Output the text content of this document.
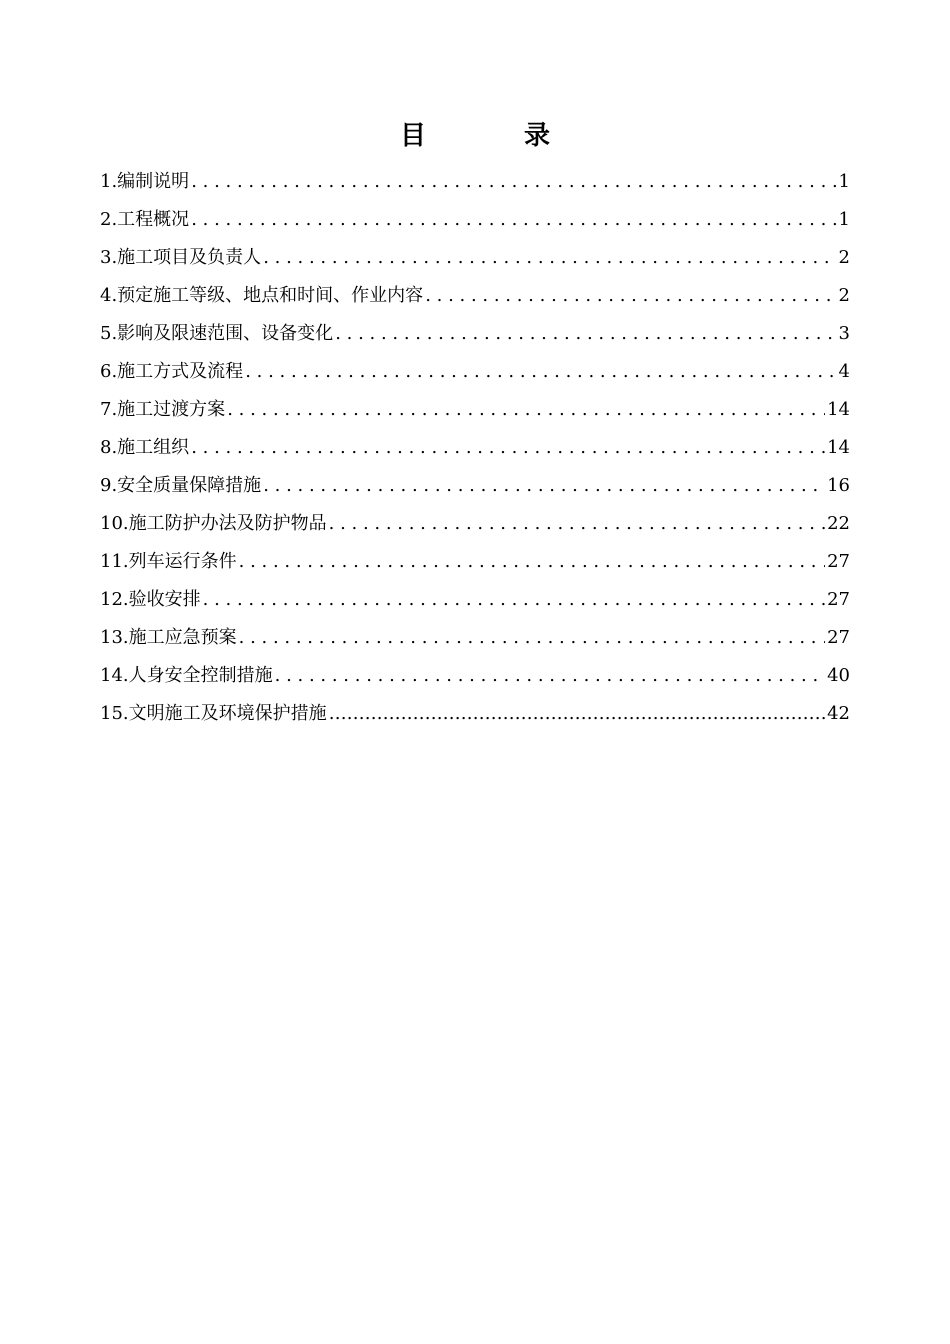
目　录
1.编制说明 . . .	1
2.工程概况 . . .	1
3.施工项目及负责人 . . .	2
4.预定施工等级、地点和时间、作业内容 . . .	2
5.影响及限速范围、设备变化 . . .	3
6.施工方式及流程 . . .	4
7.施工过渡方案 . . .	14
8.施工组织 . . .	14
9.安全质量保障措施 . . .	16
10.施工防护办法及防护物品 . . .	22
11.列车运行条件 . . .	27
12.验收安排 . . .	27
13.施工应急预案 . . .	27
14.人身安全控制措施 . . .	40
15.文明施工及环境保护措施 ………………………………………………………………………………………………………………………………………………………………	42
